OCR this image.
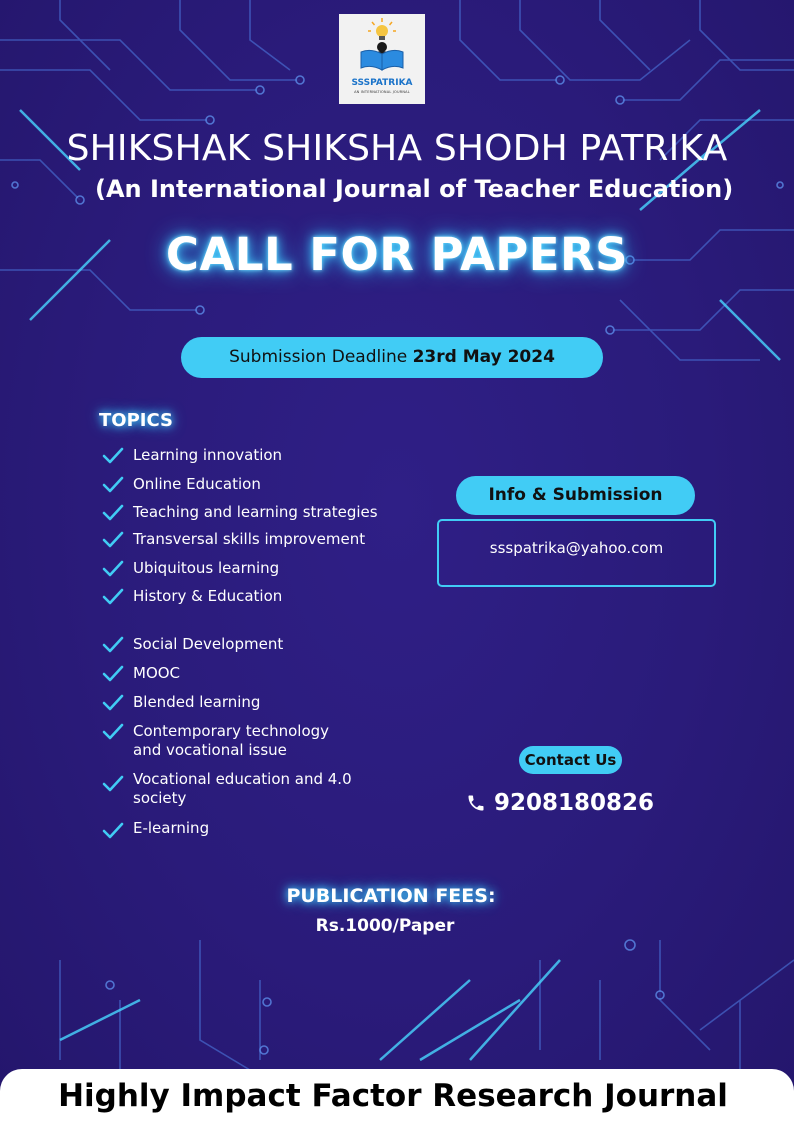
SSSPATRIKA
AN INTERNATIONAL JOURNAL
SHIKSHAK SHIKSHA SHODH PATRIKA
(An International Journal of Teacher Education)
CALL FOR PAPERS
Submission Deadline 23rd May 2024
TOPICS
Learning innovation
Online Education
Teaching and learning strategies
Transversal skills improvement
Ubiquitous learning
History & Education
Social Development
MOOC
Blended learning
Contemporary technology and vocational issue
Vocational education and 4.0 society
E-learning
Info & Submission
ssspatrika@yahoo.com
Contact Us
9208180826
PUBLICATION FEES:
Rs.1000/Paper
Highly Impact Factor Research Journal
